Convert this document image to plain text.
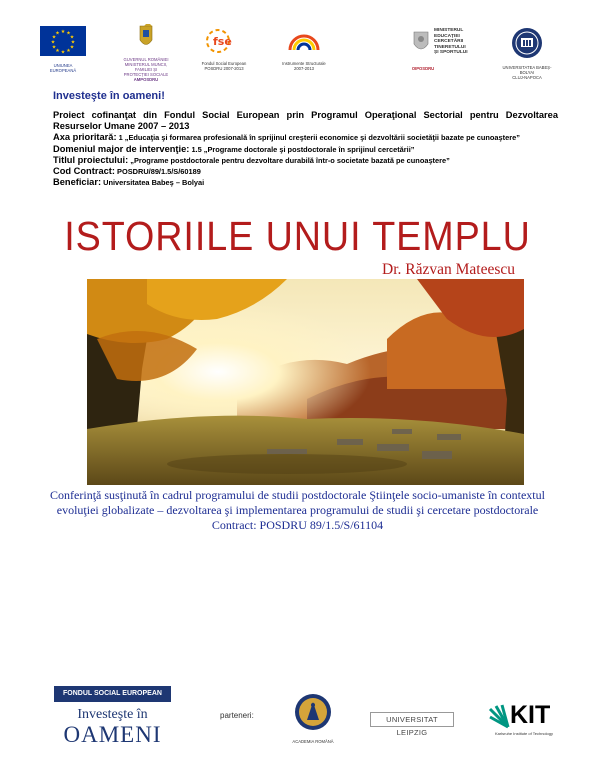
★ ★
★
★
★
★
★
★
★
★
★
★
UNIUNEA EUROPEANĂ
GUVERNUL ROMÂNIEI
MINISTERUL MUNCII, FAMILIEI ȘI
PROTECȚIEI SOCIALE
AMPOSDRU
fse
Fondul Social European
POSDRU 2007-2013
Instrumente Structurale
2007-2013
MINISTERUL
EDUCAȚIEI
CERCETĂRII
TINERETULUI
ȘI SPORTULUI
OIPOSDRU	UNIVERSITATEA BABEȘ-BOLYAI
CLUJ-NAPOCA
Investeşte în oameni!
Proiect cofinanţat din Fondul Social European prin Programul Operaţional Sectorial pentru Dezvoltarea Resurselor Umane 2007 – 2013
Axa prioritară: 1 „Educaţia şi formarea profesională în sprijinul creşterii economice şi dezvoltării societăţii bazate pe cunoaştere”
Domeniul major de intervenţie: 1.5 „Programe doctorale şi postdoctorale în sprijinul cercetării”
Titlul proiectului: „Programe postdoctorale pentru dezvoltare durabilă într-o societate bazată pe cunoaştere”
Cod Contract: POSDRU/89/1.5/S/60189
Beneficiar: Universitatea Babeş – Bolyai
ISTORIILE UNUI TEMPLU
Dr. Răzvan Mateescu
Conferinţă susţinută în cadrul programului de studii postdoctorale Ştiinţele socio-umaniste în contextul evoluţiei globalizate – dezvoltarea şi implementarea programului de studii şi cercetare postdoctorale
Contract: POSDRU 89/1.5/S/61104
FONDUL SOCIAL EUROPEAN
Investeşte în
OAMENI
parteneri:
ACADEMIA ROMÂNĂ
UNIVERSITAT LEIPZIG
KIT
Karlsruhe Institute of Technology
